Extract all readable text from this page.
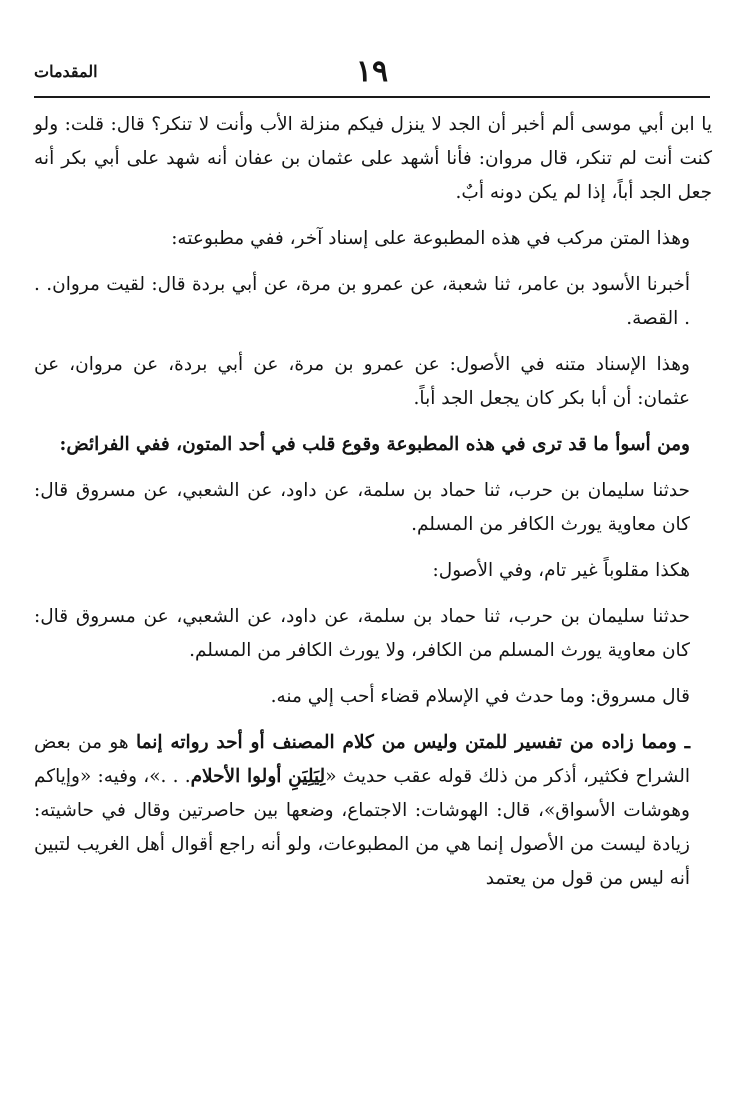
١٩
المقدمات

يا ابن أبي موسى ألم أخبر أن الجد لا ينزل فيكم منزلة الأب وأنت لا تنكر؟ قال: قلت: ولو كنت أنت لم تنكر، قال مروان: فأنا أشهد على عثمان بن عفان أنه شهد على أبي بكر أنه جعل الجد أباً، إذا لم يكن دونه أبٌ.

وهذا المتن مركب في هذه المطبوعة على إسناد آخر، ففي مطبوعته:

أخبرنا الأسود بن عامر، ثنا شعبة، عن عمرو بن مرة، عن أبي بردة قال: لقيت مروان. . . القصة.

وهذا الإسناد متنه في الأصول: عن عمرو بن مرة، عن أبي بردة، عن مروان، عن عثمان: أن أبا بكر كان يجعل الجد أباً.

ومن أسوأ ما قد ترى في هذه المطبوعة وقوع قلب في أحد المتون، ففي الفرائض:

حدثنا سليمان بن حرب، ثنا حماد بن سلمة، عن داود، عن الشعبي، عن مسروق قال: كان معاوية يورث الكافر من المسلم.

هكذا مقلوباً غير تام، وفي الأصول:

حدثنا سليمان بن حرب، ثنا حماد بن سلمة، عن داود، عن الشعبي، عن مسروق قال: كان معاوية يورث المسلم من الكافر، ولا يورث الكافر من المسلم.

قال مسروق: وما حدث في الإسلام قضاء أحب إلي منه.

ـ ومما زاده من تفسير للمتن وليس من كلام المصنف أو أحد رواته إنما هو من بعض الشراح فكثير، أذكر من ذلك قوله عقب حديث «لِيَلِيَنِ أولوا الأحلام. . .»، وفيه: «وإياكم وهوشات الأسواق»، قال: الهوشات: الاجتماع، وضعها بين حاصرتين وقال في حاشيته: زيادة ليست من الأصول إنما هي من المطبوعات، ولو أنه راجع أقوال أهل الغريب لتبين أنه ليس من قول من يعتمد
